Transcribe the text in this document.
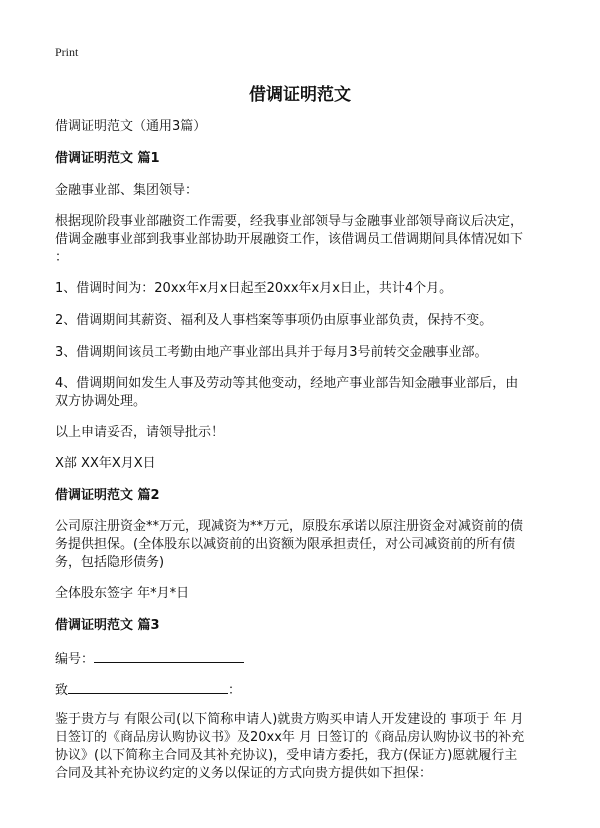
Print
借调证明范文
借调证明范文（通用3篇）
借调证明范文 篇1
金融事业部、集团领导：
根据现阶段事业部融资工作需要，经我事业部领导与金融事业部领导商议后决定，
借调金融事业部到我事业部协助开展融资工作，该借调员工借调期间具体情况如下
：
1、借调时间为：20xx年x月x日起至20xx年x月x日止，共计4个月。
2、借调期间其薪资、福利及人事档案等事项仍由原事业部负责，保持不变。
3、借调期间该员工考勤由地产事业部出具并于每月3号前转交金融事业部。
4、借调期间如发生人事及劳动等其他变动，经地产事业部告知金融事业部后，由
双方协调处理。
以上申请妥否，请领导批示！
X部 XX年X月X日
借调证明范文 篇2
公司原注册资金**万元，现减资为**万元，原股东承诺以原注册资金对减资前的债
务提供担保。(全体股东以减资前的出资额为限承担责任，对公司减资前的所有债
务，包括隐形债务)
全体股东签字 年*月*日
借调证明范文 篇3
编号：
致	：
鉴于贵方与 有限公司(以下简称申请人)就贵方购买申请人开发建设的 事项于 年 月
日签订的《商品房认购协议书》及20xx年 月 日签订的《商品房认购协议书的补充
协议》(以下简称主合同及其补充协议)，受申请方委托，我方(保证方)愿就履行主
合同及其补充协议约定的义务以保证的方式向贵方提供如下担保：
